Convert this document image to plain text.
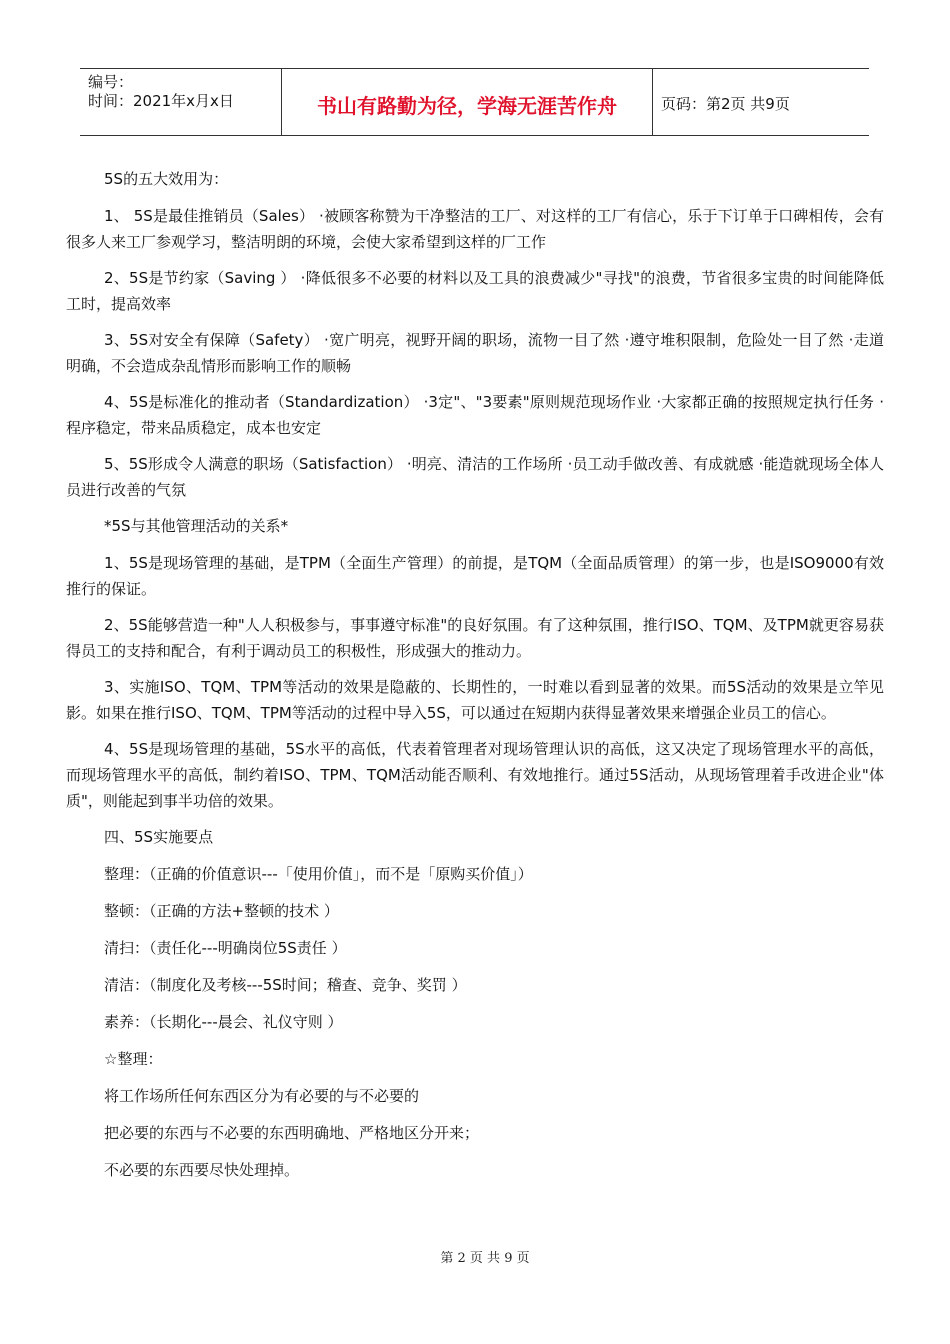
编号：
时间：2021年x月x日	书山有路勤为径，学海无涯苦作舟	页码：第2页 共9页

5S的五大效用为：

1、 5S是最佳推销员（Sales） ·被顾客称赞为干净整洁的工厂、对这样的工厂有信心，乐于下订单于口碑相传，会有很多人来工厂参观学习，整洁明朗的环境，会使大家希望到这样的厂工作

2、5S是节约家（Saving ） ·降低很多不必要的材料以及工具的浪费减少"寻找"的浪费，节省很多宝贵的时间能降低工时，提高效率

3、5S对安全有保障（Safety） ·宽广明亮，视野开阔的职场，流物一目了然 ·遵守堆积限制，危险处一目了然 ·走道明确，不会造成杂乱情形而影响工作的顺畅

4、5S是标准化的推动者（Standardization） ·3定"、"3要素"原则规范现场作业 ·大家都正确的按照规定执行任务 ·程序稳定，带来品质稳定，成本也安定

5、5S形成令人满意的职场（Satisfaction） ·明亮、清洁的工作场所 ·员工动手做改善、有成就感 ·能造就现场全体人员进行改善的气氛

*5S与其他管理活动的关系*

1、5S是现场管理的基础，是TPM（全面生产管理）的前提，是TQM（全面品质管理）的第一步，也是ISO9000有效推行的保证。

2、5S能够营造一种"人人积极参与，事事遵守标准"的良好氛围。有了这种氛围，推行ISO、TQM、及TPM就更容易获得员工的支持和配合，有利于调动员工的积极性，形成强大的推动力。

3、实施ISO、TQM、TPM等活动的效果是隐蔽的、长期性的，一时难以看到显著的效果。而5S活动的效果是立竿见影。如果在推行ISO、TQM、TPM等活动的过程中导入5S，可以通过在短期内获得显著效果来增强企业员工的信心。

4、5S是现场管理的基础，5S水平的高低，代表着管理者对现场管理认识的高低，这又决定了现场管理水平的高低，而现场管理水平的高低，制约着ISO、TPM、TQM活动能否顺利、有效地推行。通过5S活动，从现场管理着手改进企业"体质"，则能起到事半功倍的效果。

四、5S实施要点

整理：（正确的价值意识---「使用价值」，而不是「原购买价值」）

整顿：（正确的方法+整顿的技术 ）

清扫：（责任化---明确岗位5S责任 ）

清洁：（制度化及考核---5S时间；稽查、竞争、奖罚 ）

素养：（长期化---晨会、礼仪守则 ）

☆整理：

将工作场所任何东西区分为有必要的与不必要的

把必要的东西与不必要的东西明确地、严格地区分开来；

不必要的东西要尽快处理掉。

第 2 页 共 9 页
